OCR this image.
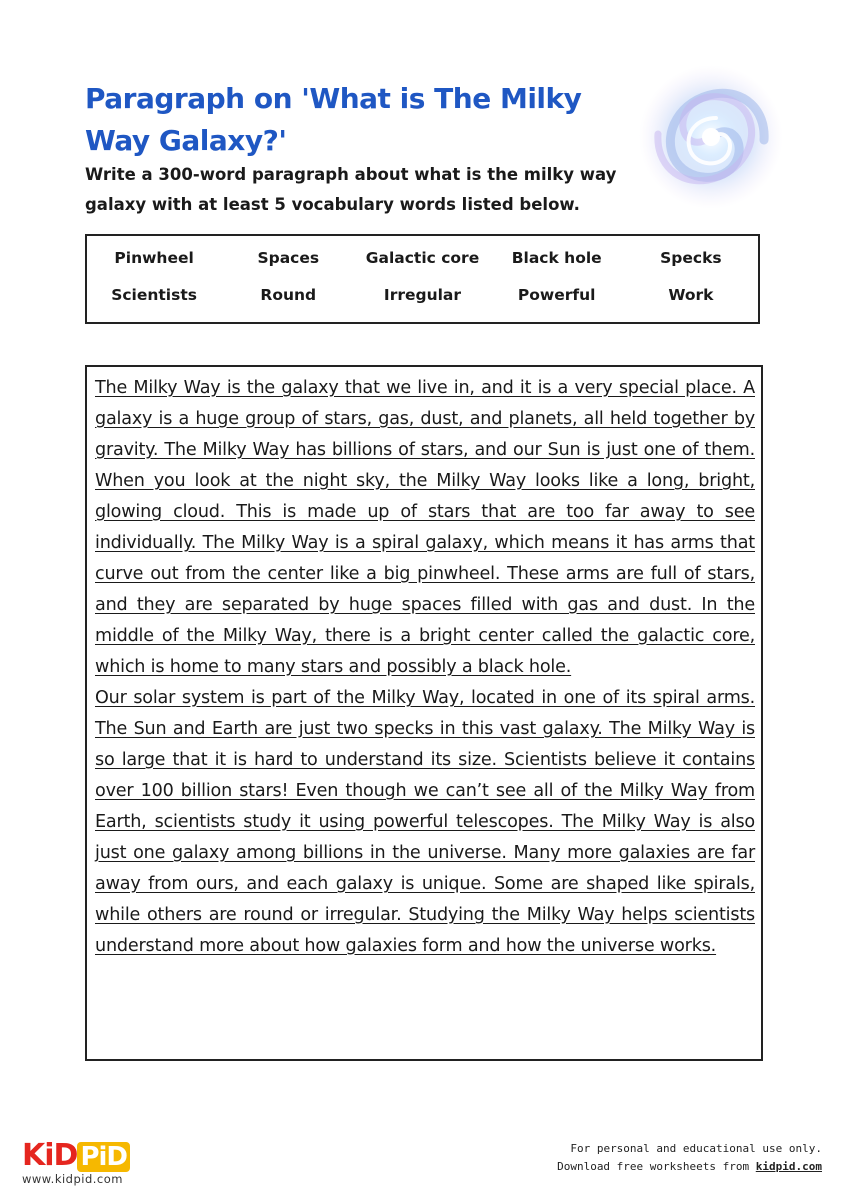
Paragraph on 'What is The Milky Way Galaxy?'

Write a 300-word paragraph about what is the milky way galaxy with at least 5 vocabulary words listed below.

Pinwheel	Spaces	Galactic core	Black hole	Specks
Scientists	Round	Irregular	Powerful	Work

The Milky Way is the galaxy that we live in, and it is a very special place. A galaxy is a huge group of stars, gas, dust, and planets, all held together by gravity. The Milky Way has billions of stars, and our Sun is just one of them. When you look at the night sky, the Milky Way looks like a long, bright, glowing cloud. This is made up of stars that are too far away to see individually. The Milky Way is a spiral galaxy, which means it has arms that curve out from the center like a big pinwheel. These arms are full of stars, and they are separated by huge spaces filled with gas and dust. In the middle of the Milky Way, there is a bright center called the galactic core, which is home to many stars and possibly a black hole.

Our solar system is part of the Milky Way, located in one of its spiral arms. The Sun and Earth are just two specks in this vast galaxy. The Milky Way is so large that it is hard to understand its size. Scientists believe it contains over 100 billion stars! Even though we can’t see all of the Milky Way from Earth, scientists study it using powerful telescopes. The Milky Way is also just one galaxy among billions in the universe. Many more galaxies are far away from ours, and each galaxy is unique. Some are shaped like spirals, while others are round or irregular. Studying the Milky Way helps scientists understand more about how galaxies form and how the universe works.

KiD PiD
www.kidpid.com
For personal and educational use only.
Download free worksheets from kidpid.com
